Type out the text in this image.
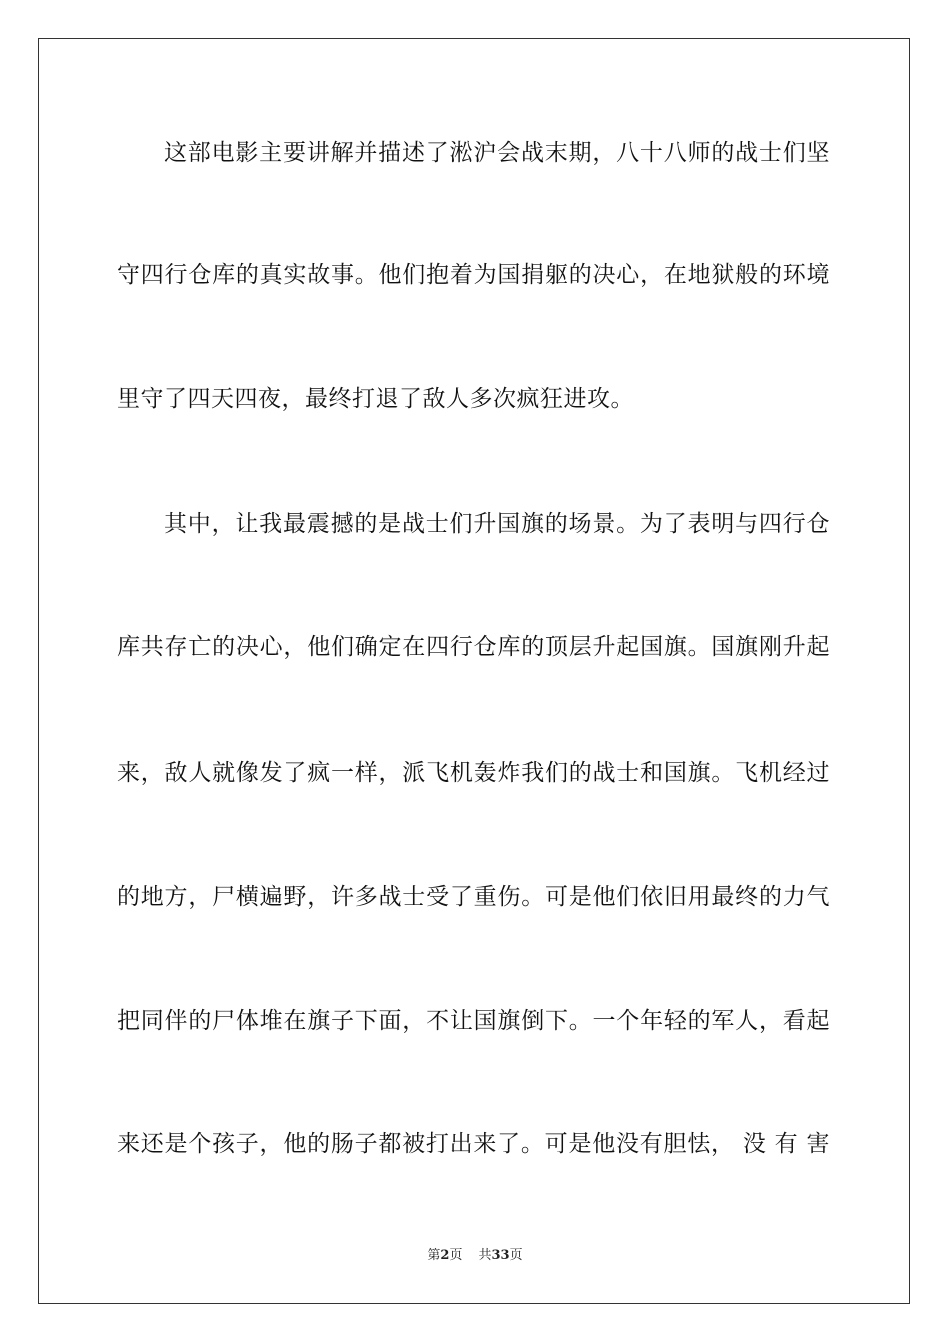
这部电影主要讲解并描述了淞沪会战末期，八十八师的战士们坚
守四行仓库的真实故事。他们抱着为国捐躯的决心，在地狱般的环境
里守了四天四夜，最终打退了敌人多次疯狂进攻。
其中，让我最震撼的是战士们升国旗的场景。为了表明与四行仓
库共存亡的决心，他们确定在四行仓库的顶层升起国旗。国旗刚升起
来，敌人就像发了疯一样，派飞机轰炸我们的战士和国旗。飞机经过
的地方，尸横遍野，许多战士受了重伤。可是他们依旧用最终的力气
把同伴的尸体堆在旗子下面，不让国旗倒下。一个年轻的军人，看起
来还是个孩子，他的肠子都被打出来了。可是他没有胆怯， 没 有 害
第2页 共33页
